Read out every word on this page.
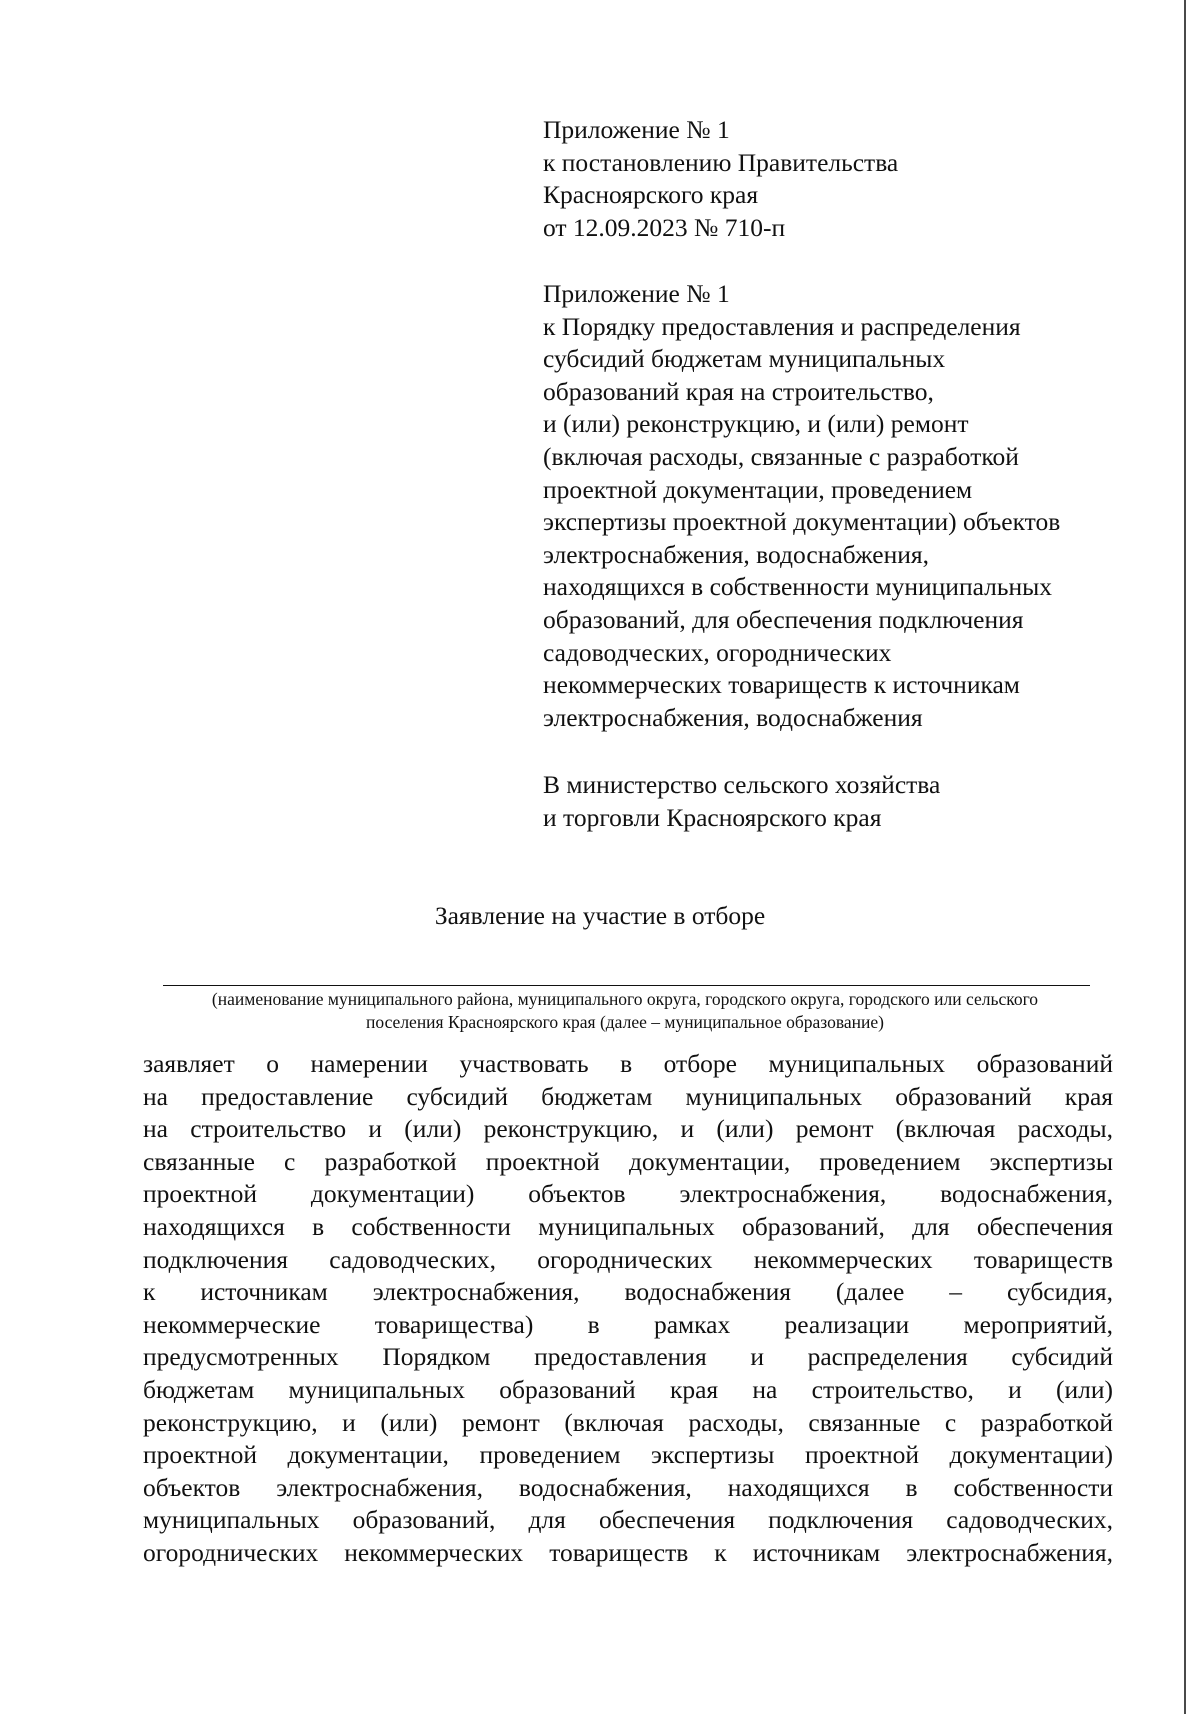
Приложение № 1
к постановлению Правительства
Красноярского края
от 12.09.2023 № 710-п
Приложение № 1
к Порядку предоставления и распределения
субсидий бюджетам муниципальных
образований края на строительство,
и (или) реконструкцию, и (или) ремонт
(включая расходы, связанные с разработкой
проектной документации, проведением
экспертизы проектной документации) объектов
электроснабжения, водоснабжения,
находящихся в собственности муниципальных
образований, для обеспечения подключения
садоводческих, огороднических
некоммерческих товариществ к источникам
электроснабжения, водоснабжения
В министерство сельского хозяйства
и торговли Красноярского края
Заявление на участие в отборе
(наименование муниципального района, муниципального округа, городского округа, городского или сельского
поселения Красноярского края (далее – муниципальное образование)
заявляет о намерении участвовать в отборе муниципальных образований
на предоставление субсидий бюджетам муниципальных образований края
на строительство и (или) реконструкцию, и (или) ремонт (включая расходы,
связанные с разработкой проектной документации, проведением экспертизы
проектной документации) объектов электроснабжения, водоснабжения,
находящихся в собственности муниципальных образований, для обеспечения
подключения садоводческих, огороднических некоммерческих товариществ
к источникам электроснабжения, водоснабжения (далее – субсидия,
некоммерческие товарищества) в рамках реализации мероприятий,
предусмотренных Порядком предоставления и распределения субсидий
бюджетам муниципальных образований края на строительство, и (или)
реконструкцию, и (или) ремонт (включая расходы, связанные с разработкой
проектной документации, проведением экспертизы проектной документации)
объектов электроснабжения, водоснабжения, находящихся в собственности
муниципальных образований, для обеспечения подключения садоводческих,
огороднических некоммерческих товариществ к источникам электроснабжения,
